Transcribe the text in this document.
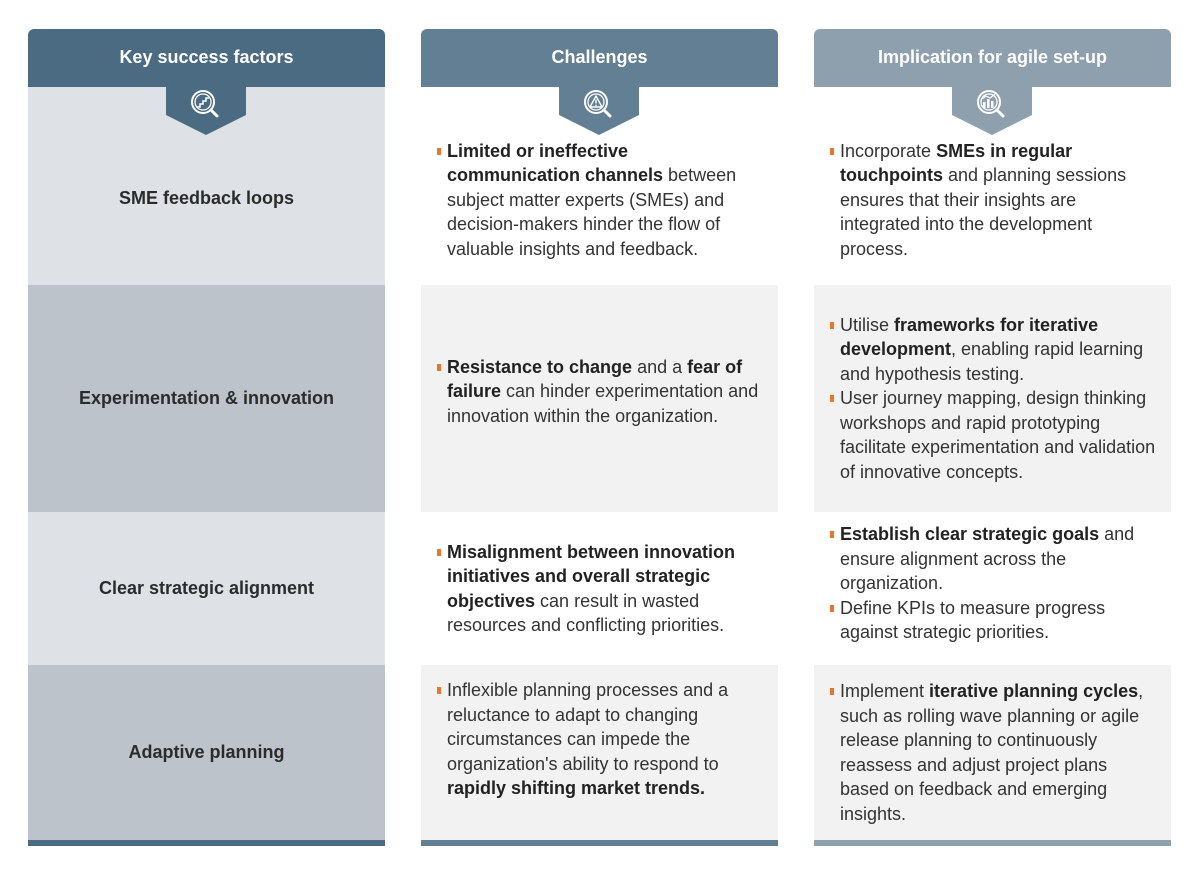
Key success factors
SME feedback loops
Experimentation & innovation
Clear strategic alignment
Adaptive planning
Challenges
Limited or ineffective communication channels between subject matter experts (SMEs) and decision-makers hinder the flow of valuable insights and feedback.
Resistance to change and a fear of failure can hinder experimentation and innovation within the organization.
Misalignment between innovation initiatives and overall strategic objectives can result in wasted resources and conflicting priorities.
Inflexible planning processes and a reluctance to adapt to changing circumstances can impede the organization's ability to respond to rapidly shifting market trends.
Implication for agile set-up
Incorporate SMEs in regular touchpoints and planning sessions ensures that their insights are integrated into the development process.
Utilise frameworks for iterative development, enabling rapid learning and hypothesis testing.
User journey mapping, design thinking workshops and rapid prototyping facilitate experimentation and validation of innovative concepts.
Establish clear strategic goals and ensure alignment across the organization.
Define KPIs to measure progress against strategic priorities.
Implement iterative planning cycles, such as rolling wave planning or agile release planning to continuously reassess and adjust project plans based on feedback and emerging insights.
